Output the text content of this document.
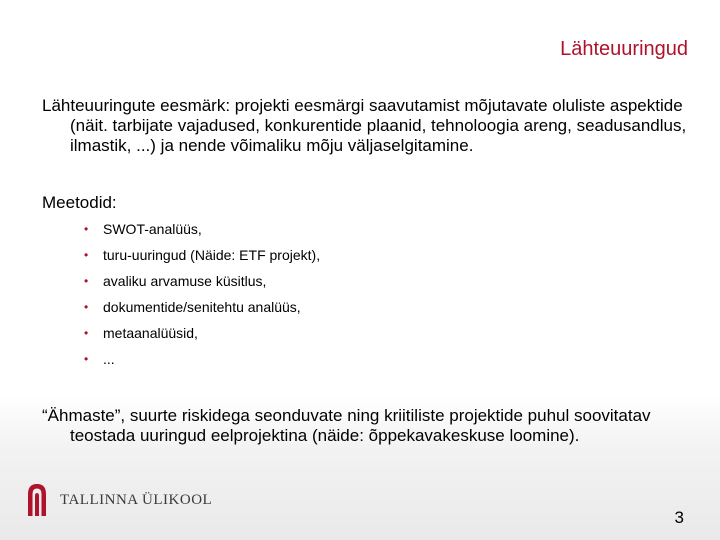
Lähteuuringud
Lähteuuringute eesmärk: projekti eesmärgi saavutamist mõjutavate oluliste aspektide (näit. tarbijate vajadused, konkurentide plaanid, tehnoloogia areng, seadusandlus, ilmastik, ...) ja nende võimaliku mõju väljaselgitamine.
Meetodid:
•	SWOT-analüüs,
•	turu-uuringud (Näide: ETF projekt),
•	avaliku arvamuse küsitlus,
•	dokumentide/senitehtu analüüs,
•	metaanalüüsid,
•	...
“Ähmaste”, suurte riskidega seonduvate ning kriitiliste projektide puhul soovitatav teostada uuringud eelprojektina (näide: õppekavakeskuse loomine).
TALLINNA ÜLIKOOL
3
